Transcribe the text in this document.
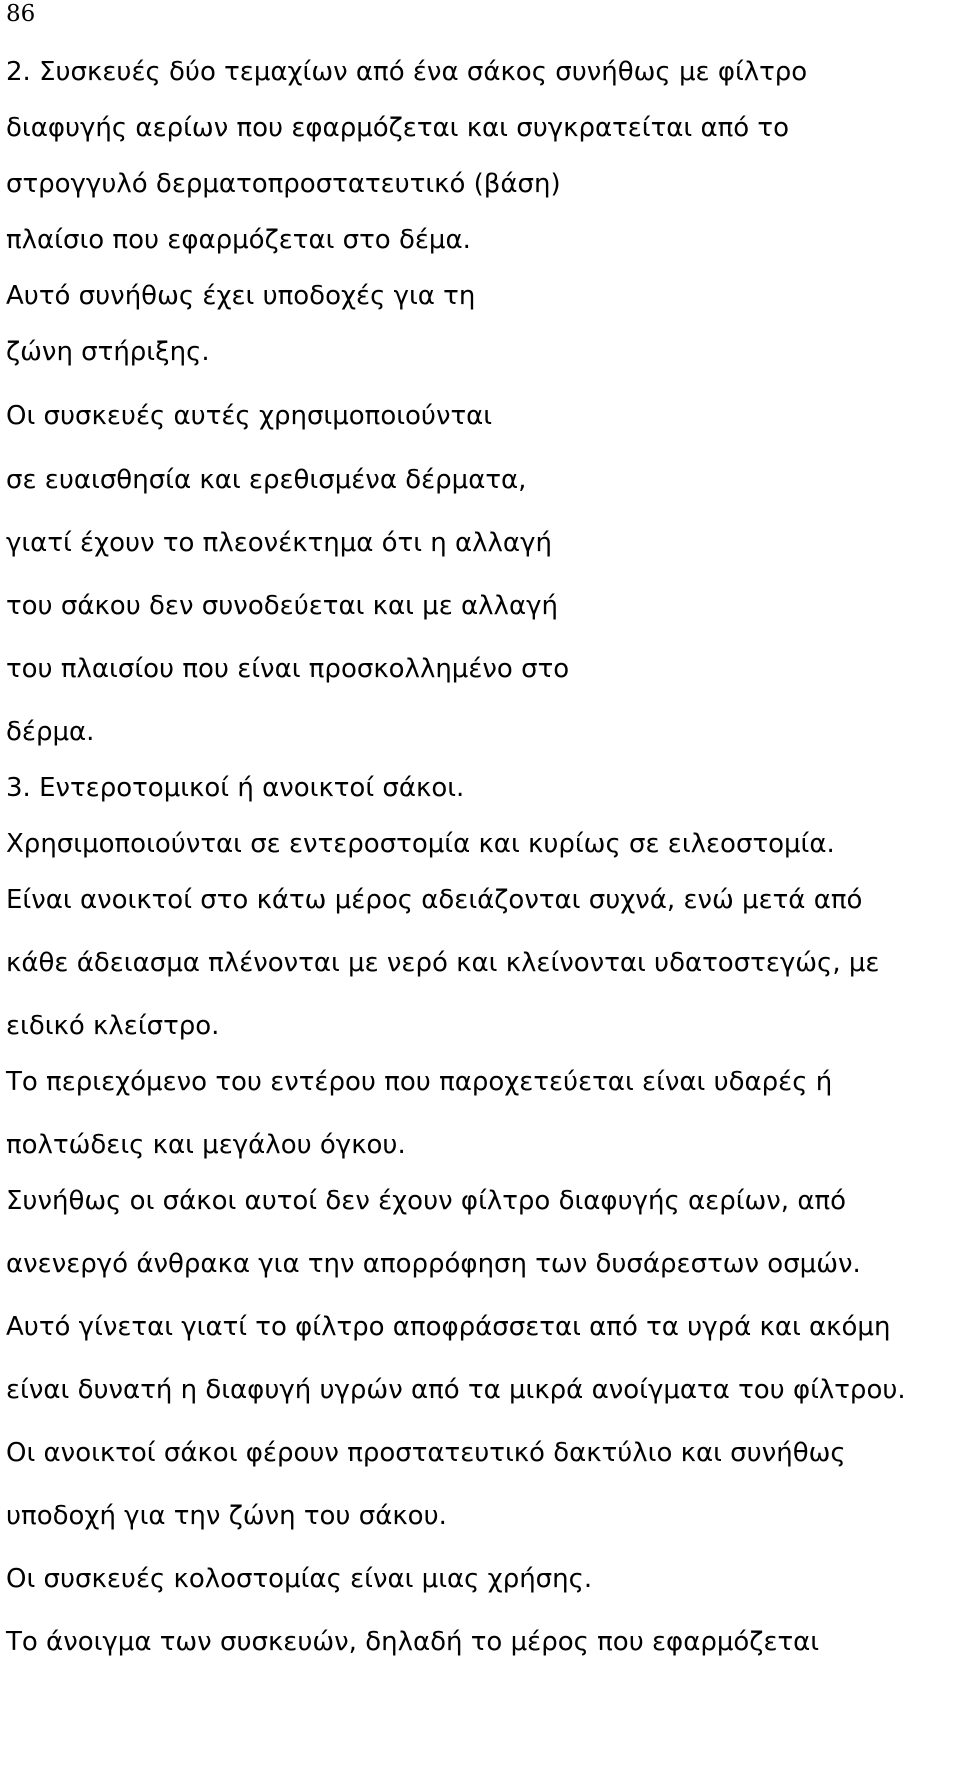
86
2. Συσκευές δύο τεμαχίων από ένα σάκος συνήθως με φίλτρο
διαφυγής αερίων που εφαρμόζεται και συγκρατείται από το
στρογγυλό δερματοπροστατευτικό (βάση)
πλαίσιο που εφαρμόζεται στο δέμα.
Αυτό συνήθως έχει υποδοχές για τη
ζώνη στήριξης.
Οι συσκευές αυτές χρησιμοποιούνται
σε ευαισθησία και ερεθισμένα δέρματα,
γιατί έχουν το πλεονέκτημα ότι η αλλαγή
του σάκου δεν συνοδεύεται και με αλλαγή
του πλαισίου που είναι προσκολλημένο στο
δέρμα.
3. Εντεροτομικοί ή ανοικτοί σάκοι.
Χρησιμοποιούνται σε εντεροστομία και κυρίως σε ειλεοστομία.
Είναι ανοικτοί στο κάτω μέρος αδειάζονται συχνά, ενώ μετά από
κάθε άδειασμα πλένονται με νερό και κλείνονται υδατοστεγώς, με
ειδικό κλείστρο.
Το περιεχόμενο του εντέρου που παροχετεύεται είναι υδαρές ή
πολτώδεις και μεγάλου όγκου.
Συνήθως οι σάκοι αυτοί δεν έχουν φίλτρο διαφυγής αερίων, από
ανενεργό άνθρακα για την απορρόφηση των δυσάρεστων οσμών.
Αυτό γίνεται γιατί το φίλτρο αποφράσσεται από τα υγρά και ακόμη
είναι δυνατή η διαφυγή υγρών από τα μικρά ανοίγματα του φίλτρου.
Οι ανοικτοί σάκοι φέρουν προστατευτικό δακτύλιο και συνήθως
υποδοχή για την ζώνη του σάκου.
Οι συσκευές κολοστομίας είναι μιας χρήσης.
Το άνοιγμα των συσκευών, δηλαδή το μέρος που εφαρμόζεται
